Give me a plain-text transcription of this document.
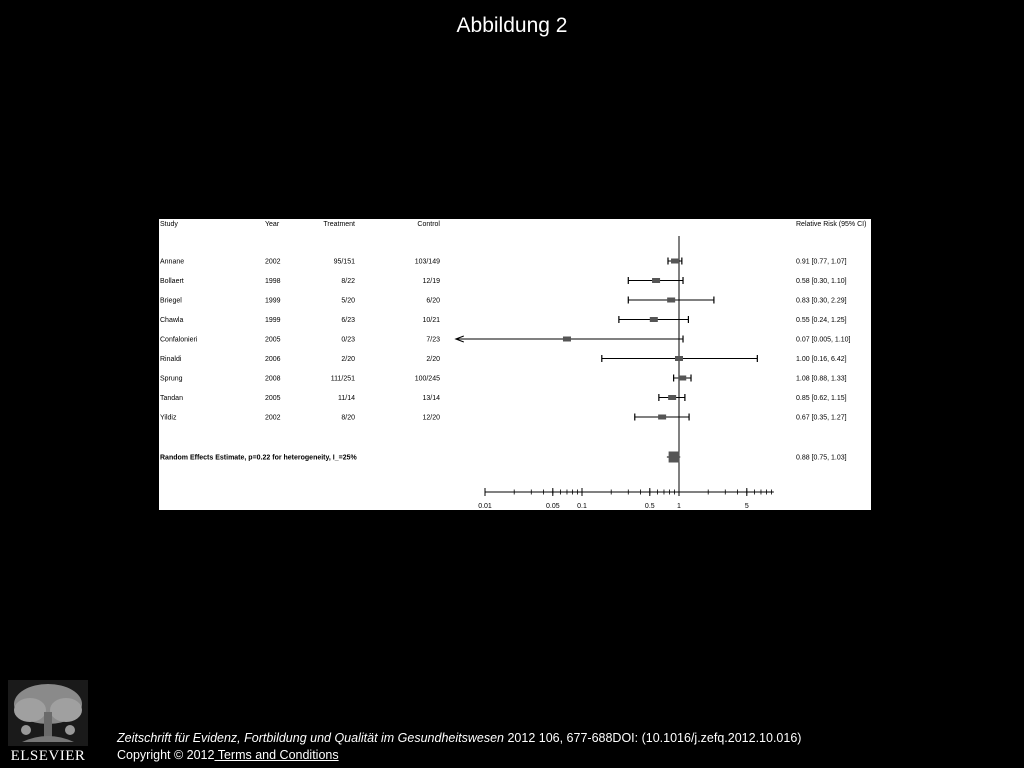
Abbildung 2
Study	Year	Treatment	Control	Relative Risk (95% CI)
Annane	2002	95/151	103/149	0.91 [0.77, 1.07]
Bollaert	1998	8/22	12/19	0.58 [0.30, 1.10]
Briegel	1999	5/20	6/20	0.83 [0.30, 2.29]
Chawla	1999	6/23	10/21	0.55 [0.24, 1.25]
Confalonieri	2005	0/23	7/23	0.07 [0.005, 1.10]
Rinaldi	2006	2/20	2/20	1.00 [0.16, 6.42]
Sprung	2008	111/251	100/245	1.08 [0.88, 1.33]
Tandan	2005	11/14	13/14	0.85 [0.62, 1.15]
Yildiz	2002	8/20	12/20	0.67 [0.35, 1.27]
Random Effects Estimate, p=0.22 for heterogeneity, I_=25%	0.88 [0.75, 1.03]
0.01	0.05	0.1	0.5	1	5
ELSEVIER
Zeitschrift für Evidenz, Fortbildung und Qualität im Gesundheitswesen 2012 106, 677-688DOI: (10.1016/j.zefq.2012.10.016)
Copyright © 2012 Terms and Conditions
